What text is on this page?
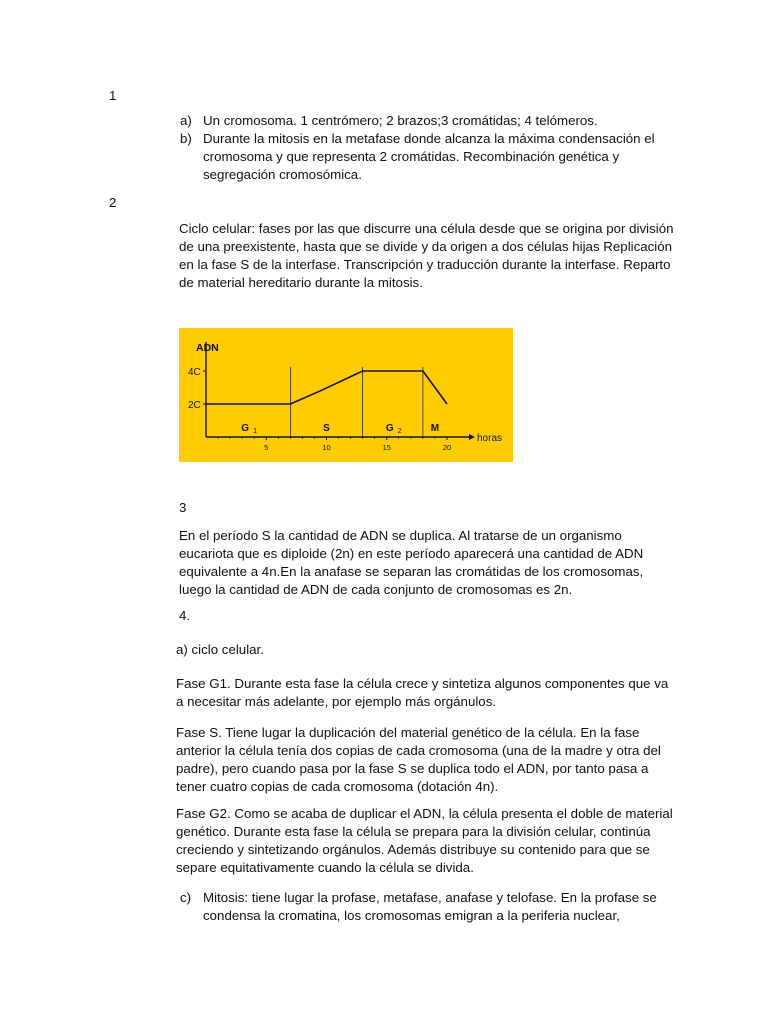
1
a) Un cromosoma. 1 centrómero; 2 brazos;3 cromátidas; 4 telómeros.
b) Durante la mitosis en la metafase donde alcanza la máxima condensación el
cromosoma y que representa 2 cromátidas. Recombinación genética y
segregación cromosómica.
2
Ciclo celular: fases por las que discurre una célula desde que se origina por división
de una preexistente, hasta que se divide y da origen a dos células hijas Replicación
en la fase S de la interfase. Transcripción y traducción durante la interfase. Reparto
de material hereditario durante la mitosis.
ADN
horas
2C
4C
5	10	15	20
G 1	S	G 2	M
3
En el período S la cantidad de ADN se duplica. Al tratarse de un organismo
eucariota que es diploide (2n) en este período aparecerá una cantidad de ADN
equivalente a 4n.En la anafase se separan las cromátidas de los cromosomas,
luego la cantidad de ADN de cada conjunto de cromosomas es 2n.
4.
a) ciclo celular.
Fase G1. Durante esta fase la célula crece y sintetiza algunos componentes que va
a necesitar más adelante, por ejemplo más orgánulos.
Fase S. Tiene lugar la duplicación del material genético de la célula. En la fase
anterior la célula tenía dos copias de cada cromosoma (una de la madre y otra del
padre), pero cuando pasa por la fase S se duplica todo el ADN, por tanto pasa a
tener cuatro copias de cada cromosoma (dotación 4n).
Fase G2. Como se acaba de duplicar el ADN, la célula presenta el doble de material
genético. Durante esta fase la célula se prepara para la división celular, continúa
creciendo y sintetizando orgánulos. Además distribuye su contenido para que se
separe equitativamente cuando la célula se divida.
c) Mitosis: tiene lugar la profase, metafase, anafase y telofase. En la profase se
condensa la cromatina, los cromosomas emigran a la periferia nuclear,
